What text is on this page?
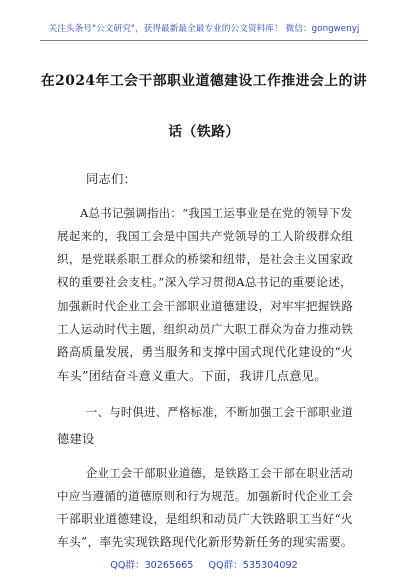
关注头条号"公文研究"，获得最新最全最专业的公文资料库！ 微信：gongwenyj
在2024年工会干部职业道德建设工作推进会上的讲
话（铁路）
同志们：
A总书记强调指出：“我国工运事业是在党的领导下发
展起来的，我国工会是中国共产党领导的工人阶级群众组
织，是党联系职工群众的桥梁和纽带，是社会主义国家政
权的重要社会支柱。”深入学习贯彻A总书记的重要论述，
加强新时代企业工会干部职业道德建设，对牢牢把握铁路
工人运动时代主题，组织动员广大职工群众为奋力推动铁
路高质量发展，勇当服务和支撑中国式现代化建设的“火
车头”团结奋斗意义重大。下面，我讲几点意见。
一、与时俱进、严格标准，不断加强工会干部职业道
德建设
企业工会干部职业道德，是铁路工会干部在职业活动
中应当遵循的道德原则和行为规范。加强新时代企业工会
干部职业道德建设，是组织和动员广大铁路职工当好“火
车头”，率先实现铁路现代化新形势新任务的现实需要。
QQ群：30265665 QQ群：535304092
